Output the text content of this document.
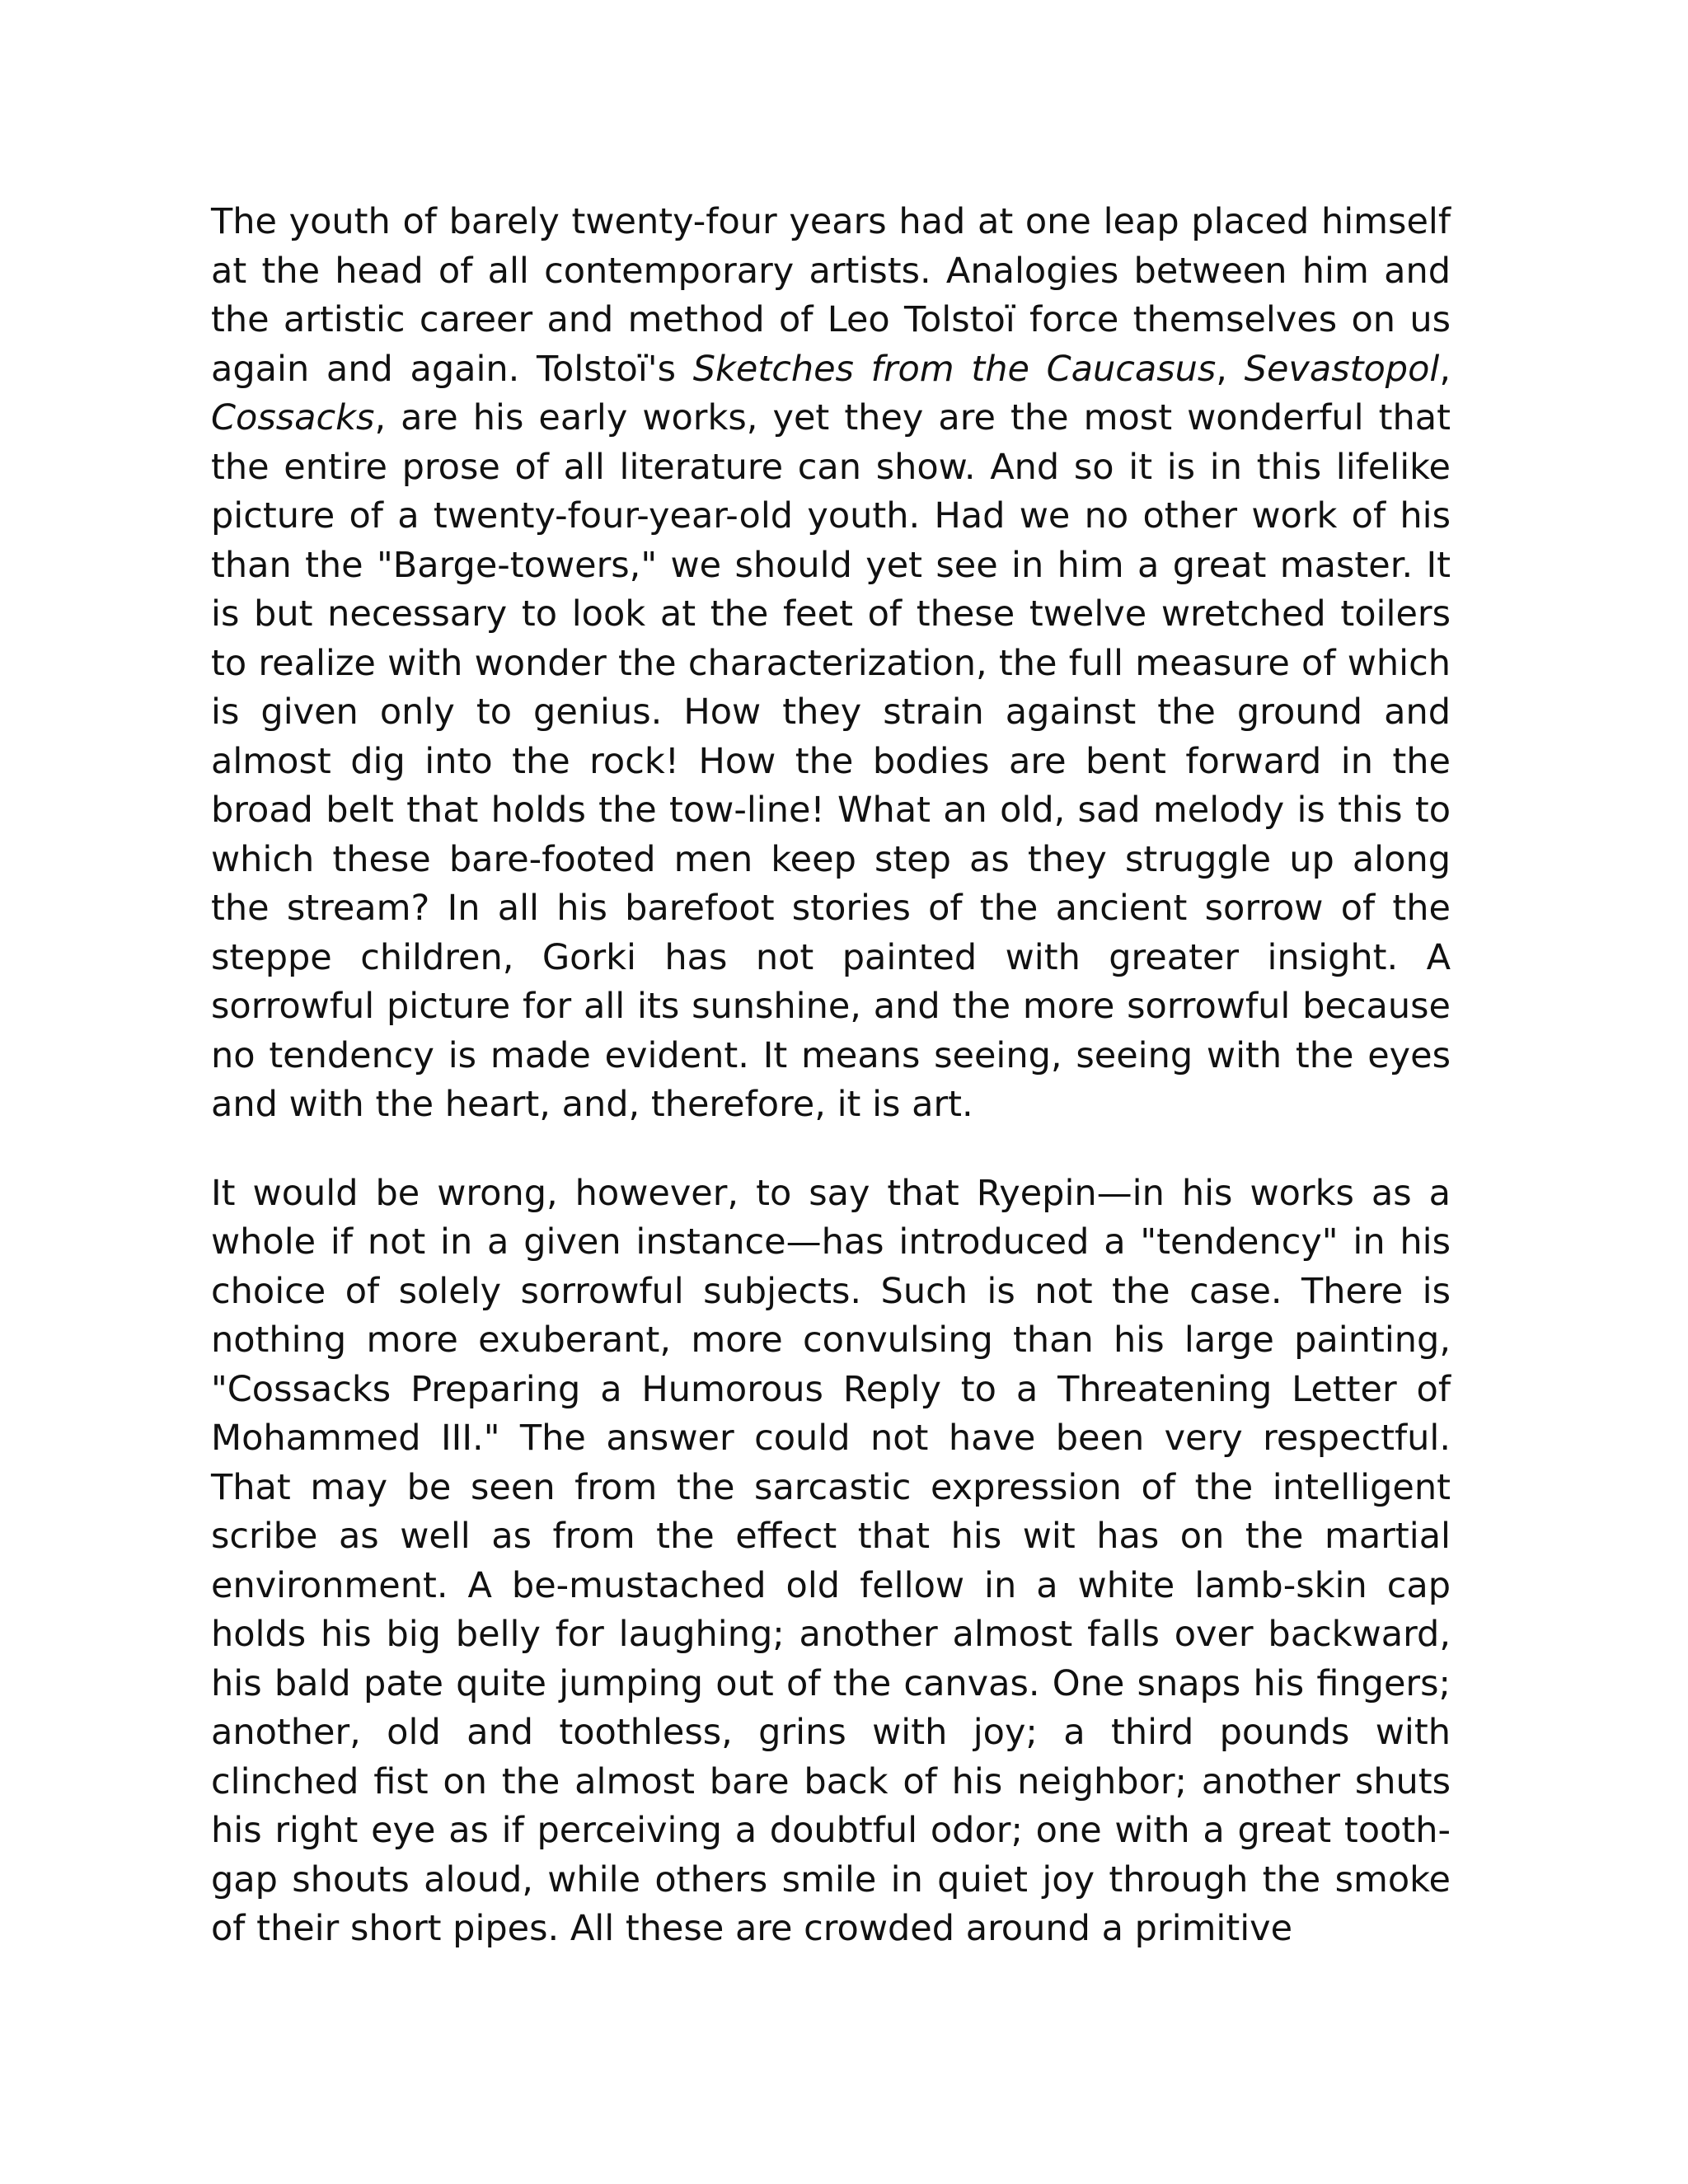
The youth of barely twenty-four years had at one leap placed himself at the head of all contemporary artists. Analogies between him and the artistic career and method of Leo Tolstoï force themselves on us again and again. Tolstoï's Sketches from the Caucasus, Sevastopol, Cossacks, are his early works, yet they are the most wonderful that the entire prose of all literature can show. And so it is in this lifelike picture of a twenty-four-year-old youth. Had we no other work of his than the "Barge-towers," we should yet see in him a great master. It is but necessary to look at the feet of these twelve wretched toilers to realize with wonder the characterization, the full measure of which is given only to genius. How they strain against the ground and almost dig into the rock! How the bodies are bent forward in the broad belt that holds the tow-line! What an old, sad melody is this to which these bare-footed men keep step as they struggle up along the stream? In all his barefoot stories of the ancient sorrow of the steppe children, Gorki has not painted with greater insight. A sorrowful picture for all its sunshine, and the more sorrowful because no tendency is made evident. It means seeing, seeing with the eyes and with the heart, and, therefore, it is art.

It would be wrong, however, to say that Ryepin—in his works as a whole if not in a given instance—has introduced a "tendency" in his choice of solely sorrowful subjects. Such is not the case. There is nothing more exuberant, more convulsing than his large painting, "Cossacks Preparing a Humorous Reply to a Threatening Letter of Mohammed III." The answer could not have been very respectful. That may be seen from the sarcastic expression of the intelligent scribe as well as from the effect that his wit has on the martial environment. A be-mustached old fellow in a white lamb-skin cap holds his big belly for laughing; another almost falls over backward, his bald pate quite jumping out of the canvas. One snaps his fingers; another, old and toothless, grins with joy; a third pounds with clinched fist on the almost bare back of his neighbor; another shuts his right eye as if perceiving a doubtful odor; one with a great tooth-gap shouts aloud, while others smile in quiet joy through the smoke of their short pipes. All these are crowded around a primitive
